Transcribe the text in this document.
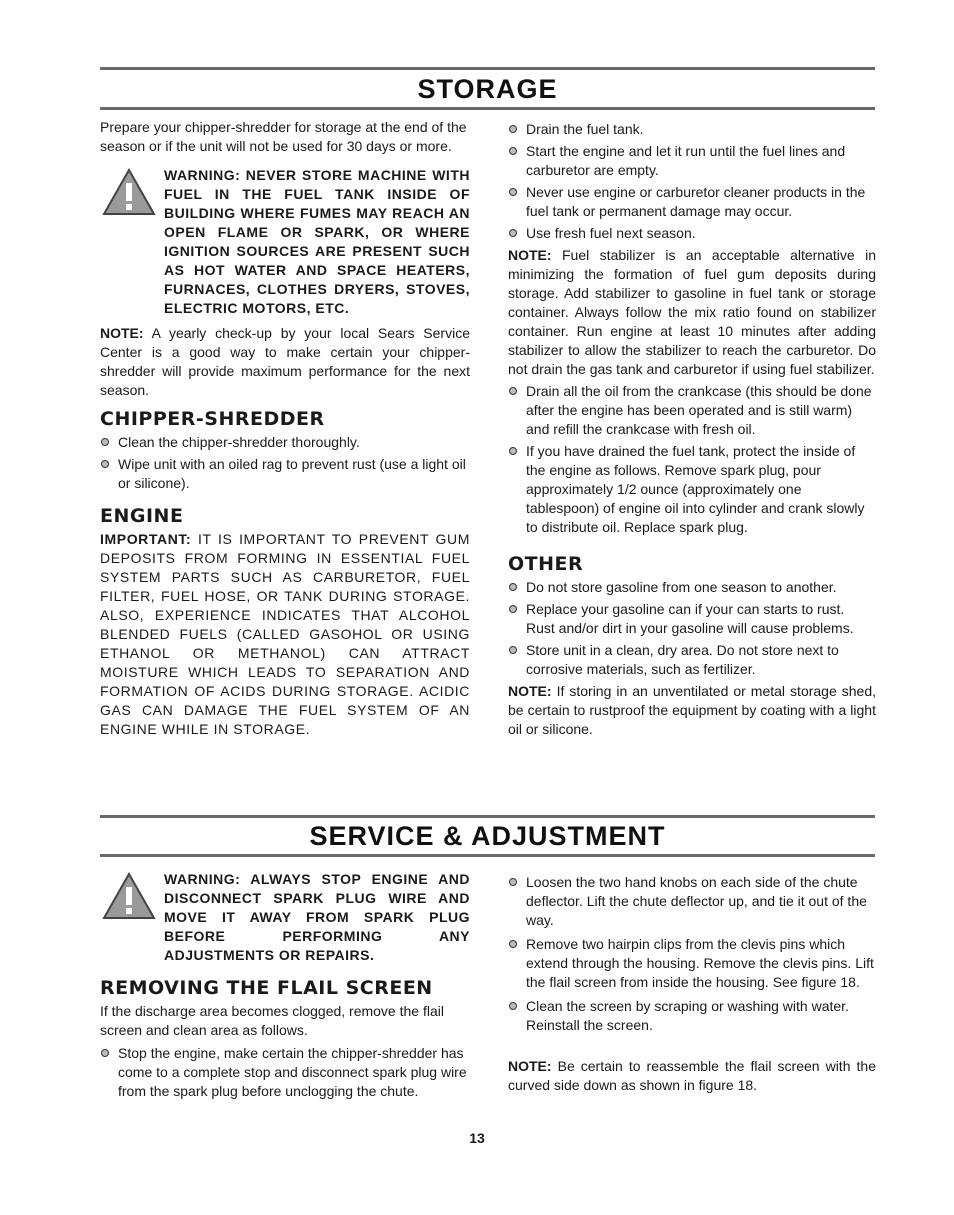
STORAGE

Prepare your chipper-shredder for storage at the end of the season or if the unit will not be used for 30 days or more.

WARNING: NEVER STORE MACHINE WITH FUEL IN THE FUEL TANK INSIDE OF BUILDING WHERE FUMES MAY REACH AN OPEN FLAME OR SPARK, OR WHERE IGNITION SOURCES ARE PRESENT SUCH AS HOT WATER AND SPACE HEATERS, FURNACES, CLOTHES DRYERS, STOVES, ELECTRIC MOTORS, ETC.

NOTE: A yearly check-up by your local Sears Service Center is a good way to make certain your chipper-shredder will provide maximum performance for the next season.

CHIPPER-SHREDDER
Clean the chipper-shredder thoroughly.
Wipe unit with an oiled rag to prevent rust (use a light oil or silicone).
ENGINE

IMPORTANT: IT IS IMPORTANT TO PREVENT GUM DEPOSITS FROM FORMING IN ESSENTIAL FUEL SYSTEM PARTS SUCH AS CARBURETOR, FUEL FILTER, FUEL HOSE, OR TANK DURING STORAGE. ALSO, EXPERIENCE INDICATES THAT ALCOHOL BLENDED FUELS (CALLED GASOHOL OR USING ETHANOL OR METHANOL) CAN ATTRACT MOISTURE WHICH LEADS TO SEPARATION AND FORMATION OF ACIDS DURING STORAGE. ACIDIC GAS CAN DAMAGE THE FUEL SYSTEM OF AN ENGINE WHILE IN STORAGE.

Drain the fuel tank.
Start the engine and let it run until the fuel lines and carburetor are empty.
Never use engine or carburetor cleaner products in the fuel tank or permanent damage may occur.
Use fresh fuel next season.

NOTE: Fuel stabilizer is an acceptable alternative in minimizing the formation of fuel gum deposits during storage. Add stabilizer to gasoline in fuel tank or storage container. Always follow the mix ratio found on stabilizer container. Run engine at least 10 minutes after adding stabilizer to allow the stabilizer to reach the carburetor. Do not drain the gas tank and carburetor if using fuel stabilizer.

Drain all the oil from the crankcase (this should be done after the engine has been operated and is still warm) and refill the crankcase with fresh oil.
If you have drained the fuel tank, protect the inside of the engine as follows. Remove spark plug, pour approximately 1/2 ounce (approximately one tablespoon) of engine oil into cylinder and crank slowly to distribute oil. Replace spark plug.
OTHER
Do not store gasoline from one season to another.
Replace your gasoline can if your can starts to rust. Rust and/or dirt in your gasoline will cause problems.
Store unit in a clean, dry area. Do not store next to corrosive materials, such as fertilizer.

NOTE: If storing in an unventilated or metal storage shed, be certain to rustproof the equipment by coating with a light oil or silicone.

SERVICE & ADJUSTMENT

WARNING: ALWAYS STOP ENGINE AND DISCONNECT SPARK PLUG WIRE AND MOVE IT AWAY FROM SPARK PLUG BEFORE PERFORMING ANY ADJUSTMENTS OR REPAIRS.

REMOVING THE FLAIL SCREEN

If the discharge area becomes clogged, remove the flail screen and clean area as follows.

Stop the engine, make certain the chipper-shredder has come to a complete stop and disconnect spark plug wire from the spark plug before unclogging the chute.
Loosen the two hand knobs on each side of the chute deflector. Lift the chute deflector up, and tie it out of the way.
Remove two hairpin clips from the clevis pins which extend through the housing. Remove the clevis pins. Lift the flail screen from inside the housing. See figure 18.
Clean the screen by scraping or washing with water. Reinstall the screen.

NOTE: Be certain to reassemble the flail screen with the curved side down as shown in figure 18.

13
